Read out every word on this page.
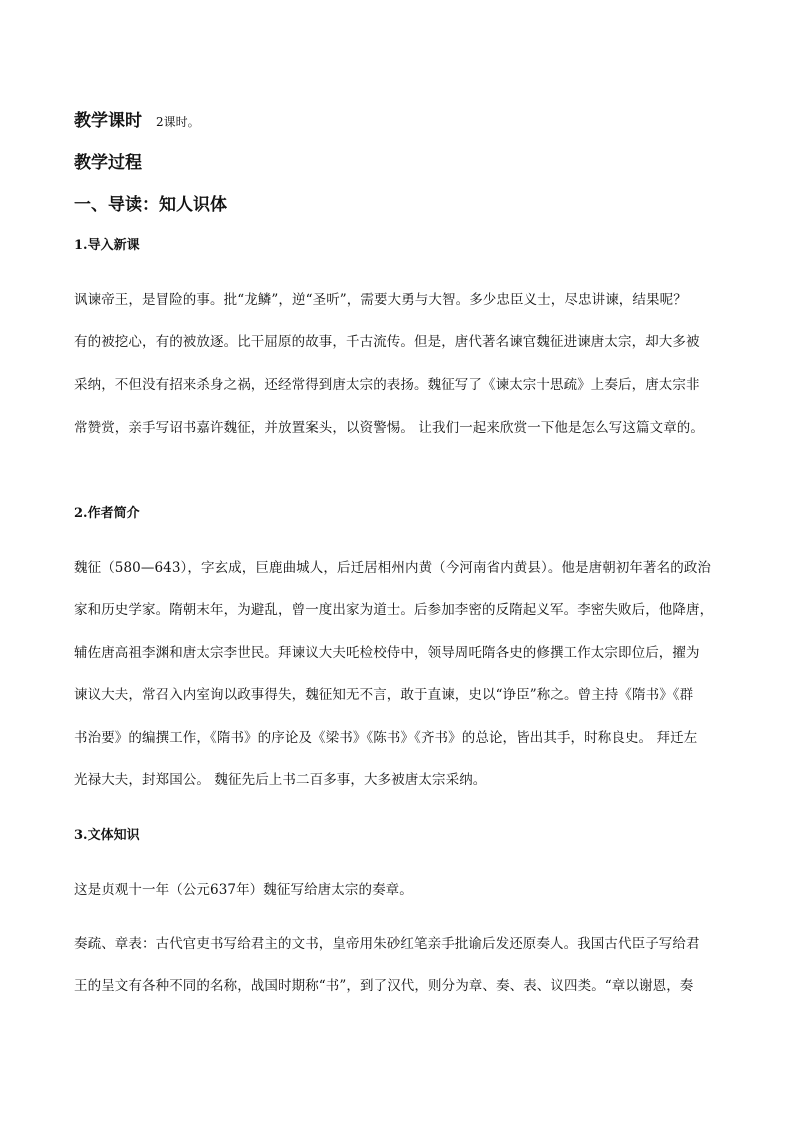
教学课时 2课时。
教学过程
一、导读：知人识体
1.导入新课
讽谏帝王，是冒险的事。批“龙鳞”，逆“圣听”，需要大勇与大智。多少忠臣义士，尽忠讲谏，结果呢？
有的被挖心，有的被放逐。比干屈原的故事，千古流传。但是，唐代著名谏官魏征进谏唐太宗，却大多被
采纳，不但没有招来杀身之祸，还经常得到唐太宗的表扬。魏征写了《谏太宗十思疏》上奏后，唐太宗非
常赞赏，亲手写诏书嘉许魏征，并放置案头，以资警惕。 让我们一起来欣赏一下他是怎么写这篇文章的。
2.作者简介
魏征（580—643），字玄成，巨鹿曲城人，后迁居相州内黄（今河南省内黄县）。他是唐朝初年著名的政治
家和历史学家。隋朝末年，为避乱，曾一度出家为道士。后参加李密的反隋起义军。李密失败后，他降唐，
辅佐唐高祖李渊和唐太宗李世民。拜谏议大夫吒检校侍中，领导周吒隋各史的修撰工作太宗即位后，擢为
谏议大夫，常召入内室询以政事得失，魏征知无不言，敢于直谏，史以“诤臣”称之。曾主持《隋书》《群
书治要》的编撰工作，《隋书》的序论及《梁书》《陈书》《齐书》的总论，皆出其手，时称良史。 拜迁左
光禄大夫，封郑国公。 魏征先后上书二百多事，大多被唐太宗采纳。
3.文体知识
这是贞观十一年（公元637年）魏征写给唐太宗的奏章。
奏疏、章表：古代官吏书写给君主的文书，皇帝用朱砂红笔亲手批谕后发还原奏人。我国古代臣子写给君
王的呈文有各种不同的名称，战国时期称“书”，到了汉代，则分为章、奏、表、议四类。“章以谢恩，奏
